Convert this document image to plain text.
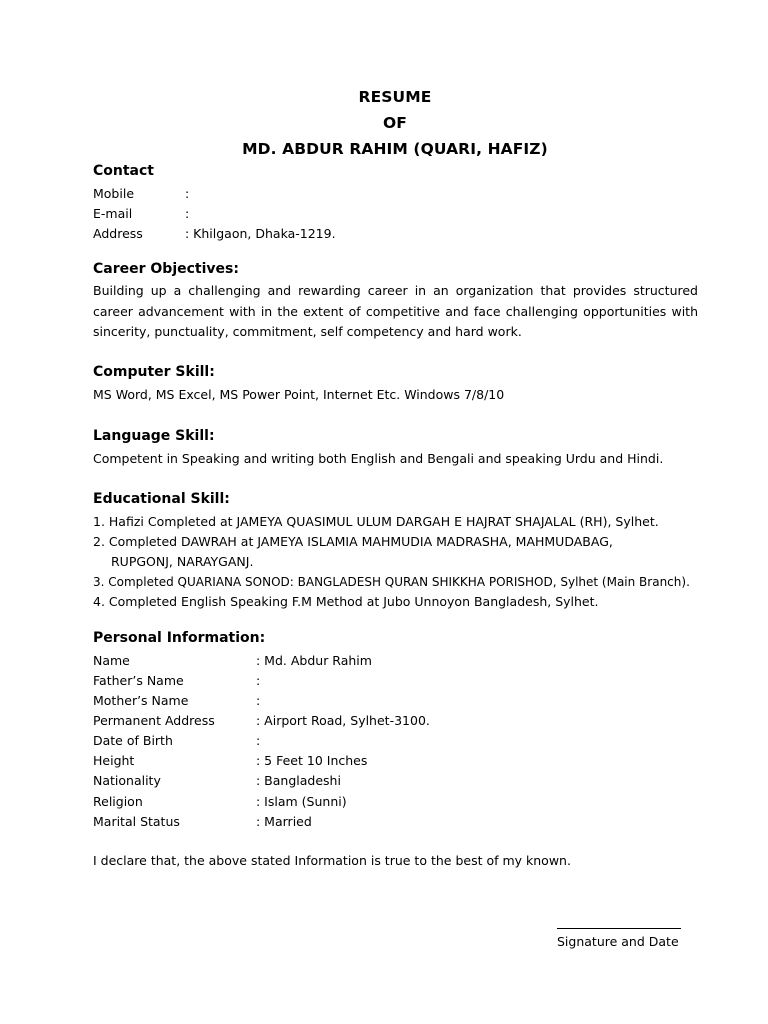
RESUME
OF
MD. ABDUR RAHIM (QUARI, HAFIZ)
Contact
Mobile	:
E-mail	:
Address	: Khilgaon, Dhaka-1219.
Career Objectives:
Building up a challenging and rewarding career in an organization that provides structured career advancement with in the extent of competitive and face challenging opportunities with sincerity, punctuality, commitment, self competency and hard work.
Computer Skill:
MS Word, MS Excel, MS Power Point, Internet Etc. Windows 7/8/10
Language Skill:
Competent in Speaking and writing both English and Bengali and speaking Urdu and Hindi.
Educational Skill:
1. Hafizi Completed at JAMEYA QUASIMUL ULUM DARGAH E HAJRAT SHAJALAL (RH), Sylhet.
2. Completed DAWRAH at JAMEYA ISLAMIA MAHMUDIA MADRASHA, MAHMUDABAG,
RUPGONJ, NARAYGANJ.
3. Completed QUARIANA SONOD: BANGLADESH QURAN SHIKKHA PORISHOD, Sylhet (Main Branch).
4. Completed English Speaking F.M Method at Jubo Unnoyon Bangladesh, Sylhet.
Personal Information:
Name	: Md. Abdur Rahim
Father’s Name	:
Mother’s Name	:
Permanent Address	: Airport Road, Sylhet-3100.
Date of Birth	:
Height	: 5 Feet 10 Inches
Nationality	: Bangladeshi
Religion	: Islam (Sunni)
Marital Status	: Married
I declare that, the above stated Information is true to the best of my known.
Signature and Date
